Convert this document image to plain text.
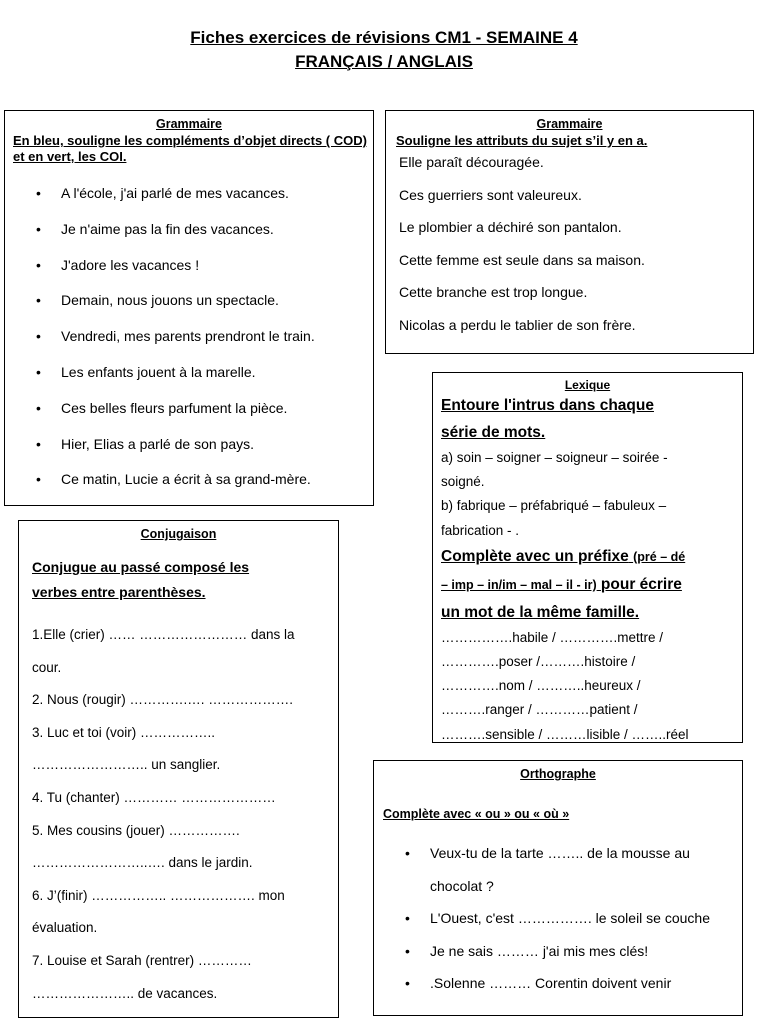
Fiches exercices de révisions CM1 - SEMAINE 4
FRANÇAIS / ANGLAIS
Grammaire
En bleu, souligne les compléments d’objet directs ( COD) et en vert, les COI.
• A l'école, j'ai parlé de mes vacances.
• Je n'aime pas la fin des vacances.
• J'adore les vacances !
• Demain, nous jouons un spectacle.
• Vendredi, mes parents prendront le train.
• Les enfants jouent à la marelle.
• Ces belles fleurs parfument la pièce.
• Hier, Elias a parlé de son pays.
• Ce matin, Lucie a écrit à sa grand-mère.
Grammaire
Souligne les attributs du sujet s’il y en a.
Elle paraît découragée.
Ces guerriers sont valeureux.
Le plombier a déchiré son pantalon.
Cette femme est seule dans sa maison.
Cette branche est trop longue.
Nicolas a perdu le tablier de son frère.
Lexique
Entoure l'intrus dans chaque
série de mots.
a) soin – soigner – soigneur – soirée -
soigné.
b) fabrique – préfabriqué – fabuleux –
fabrication - .
Complète avec un préfixe (pré – dé
– imp – in/im – mal – il - ir) pour écrire
un mot de la même famille.
…………….habile / ………….mettre /
………….poser /……….histoire /
………….nom / ………..heureux /
……….ranger / …………patient /
……….sensible / ………lisible / ……..réel
Conjugaison
Conjugue au passé composé les
verbes entre parenthèses.
1.Elle (crier) …… …………………… dans la
cour.
2. Nous (rougir) ………….…. ……………….
3. Luc et toi (voir) ……………..
…………………….. un sanglier.
4. Tu (chanter) ………… …………………
5. Mes cousins (jouer) …………….
……………………..…. dans le jardin.
6. J’(finir) …………….. ………………. mon
évaluation.
7. Louise et Sarah (rentrer) …………
………………….. de vacances.
Orthographe
Complète avec « ou » ou « où »
• Veux-tu de la tarte …….. de la mousse au
chocolat ?
• L'Ouest, c'est ……………. le soleil se couche
• Je ne sais ……… j'ai mis mes clés!
• .Solenne ……… Corentin doivent venir
